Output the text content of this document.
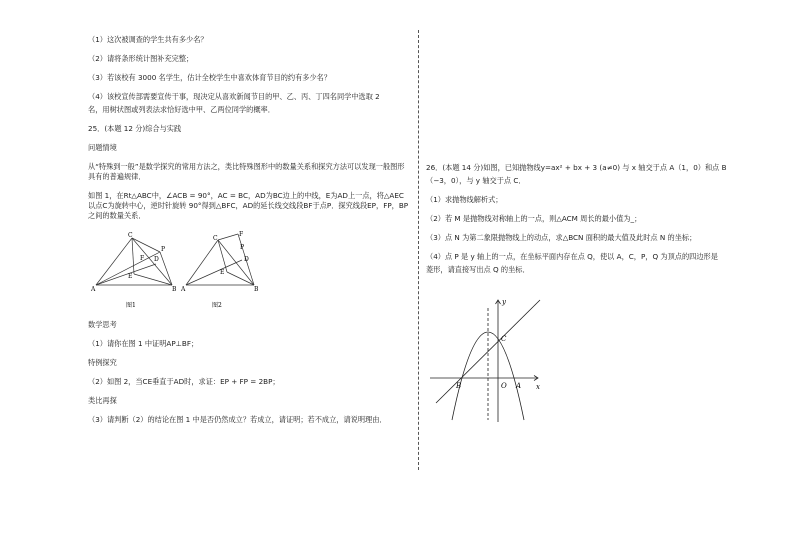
（1）这次被调查的学生共有多少名？
（2）请将条形统计图补充完整；
（3）若该校有 3000 名学生，估计全校学生中喜欢体育节目的约有多少名？
（4）该校宣传部需要宣传干事，现决定从喜欢新闻节目的甲、乙、丙、丁四名同学中选取 2
名，用树状图或列表法求恰好选中甲、乙两位同学的概率．
25．(本题 12 分)综合与实践
问题情境
从“特殊到一般”是数学探究的常用方法之，类比特殊图形中的数量关系和探究方法可以发现一般图形具有的普遍规律．
如图 1，在Rt△ABC中，∠ACB = 90°，AC = BC，AD为BC边上的中线，E为AD上一点，将△AEC以点C为旋转中心，逆时针旋转 90°得到△BFC，AD的延长线交线段BF于点P．探究线段EP，FP，BP之间的数量关系．
C
A	B
D
E
P
F
图1
C
A	B
D
E
F
P
图2
数学思考
（1）请你在图 1 中证明AP⊥BF；
特例探究
（2）如图 2，当CE垂直于AD时，求证：EP + FP = 2BP；
类比再探
（3）请判断（2）的结论在图 1 中是否仍然成立？若成立，请证明；若不成立，请说明理由．
26．(本题 14 分)如图，已知抛物线y=ax² + bx + 3 (a≠0) 与 x 轴交于点 A（1，0）和点 B
（−3，0），与 y 轴交于点 C．
（1）求抛物线解析式；
（2）若 M 是抛物线对称轴上的一点，则△ACM 周长的最小值为_；
（3）点 N 为第二象限抛物线上的动点，求△BCN 面积的最大值及此时点 N 的坐标；
（4）点 P 是 y 轴上的一点，在坐标平面内存在点 Q，使以 A，C，P，Q 为顶点的四边形是
菱形，请直接写出点 Q 的坐标．
y
x
B	O A
C
